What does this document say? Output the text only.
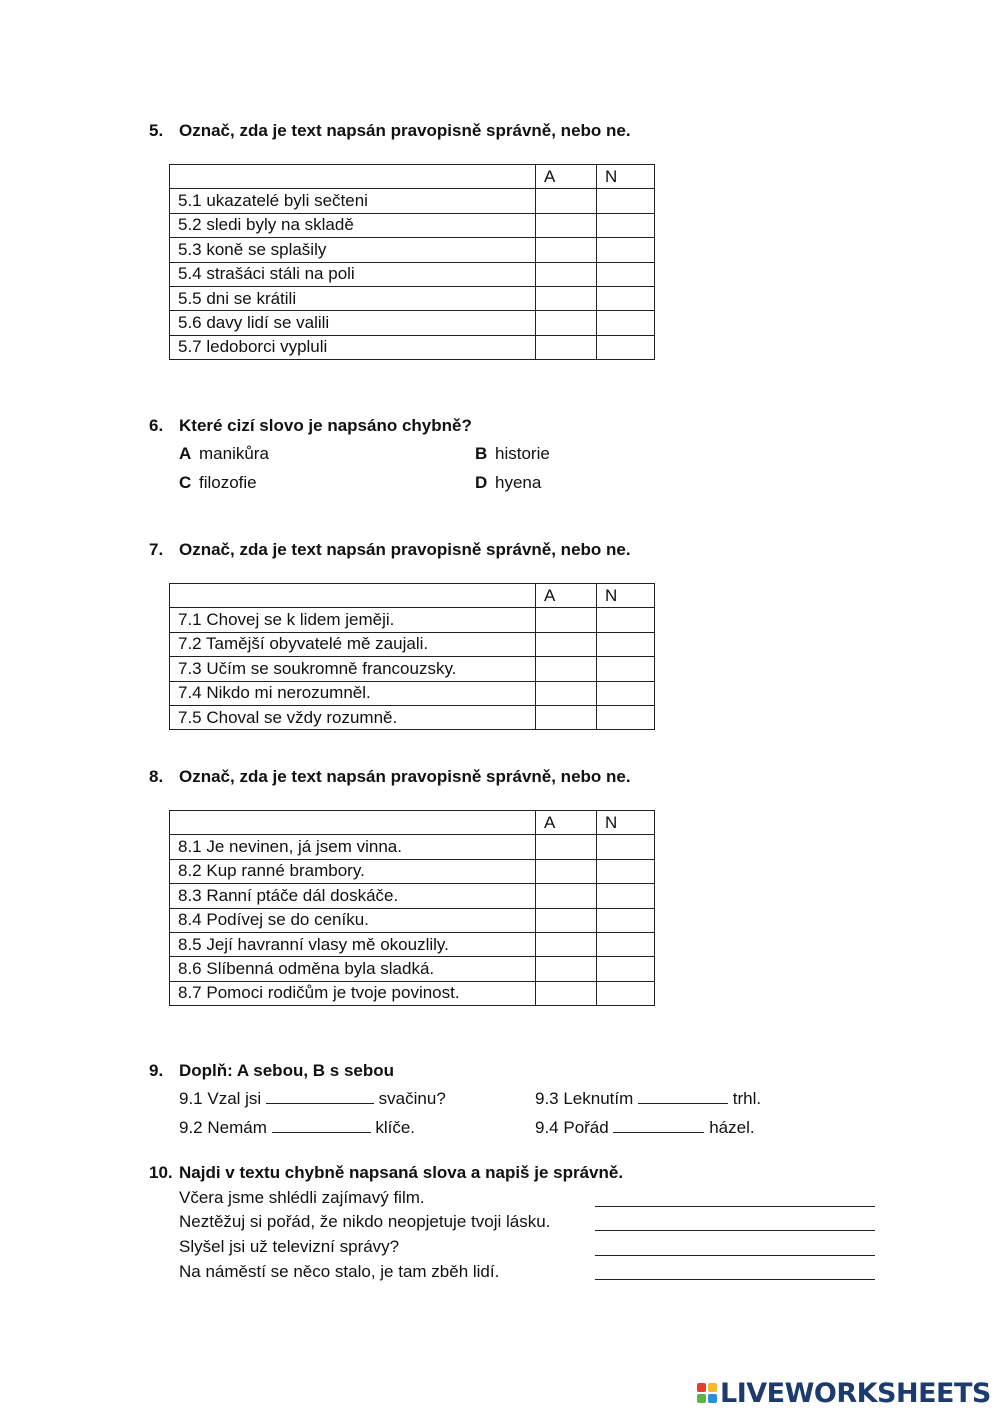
5. Označ, zda je text napsán pravopisně správně, nebo ne.
	A	N
5.1 ukazatelé byli sečteni		
5.2 sledi byly na skladě		
5.3 koně se splašily		
5.4 strašáci stáli na poli		
5.5 dni se krátili		
5.6 davy lidí se valili		
5.7 ledoborci vypluli		
6. Které cizí slovo je napsáno chybně?
A manikůra	B historie
C filozofie	D hyena
7. Označ, zda je text napsán pravopisně správně, nebo ne.
	A	N
7.1 Chovej se k lidem jeměji.		
7.2 Tamější obyvatelé mě zaujali.		
7.3 Učím se soukromně francouzsky.		
7.4 Nikdo mi nerozumněl.		
7.5 Choval se vždy rozumně.		
8. Označ, zda je text napsán pravopisně správně, nebo ne.
	A	N
8.1 Je nevinen, já jsem vinna.		
8.2 Kup ranné brambory.		
8.3 Ranní ptáče dál doskáče.		
8.4 Podívej se do ceníku.		
8.5 Její havranní vlasy mě okouzlily.		
8.6 Slíbenná odměna byla sladká.		
8.7 Pomoci rodičům je tvoje povinost.		
9. Doplň: A sebou, B s sebou
9.1 Vzal jsi	svačinu?	9.3 Leknutím	trhl.
9.2 Nemám	klíče.	9.4 Pořád	házel.
10. Najdi v textu chybně napsaná slova a napiš je správně.
Včera jsme shlédli zajímavý film.
Neztěžuj si pořád, že nikdo neopjetuje tvoji lásku.
Slyšel jsi už televizní správy?
Na náměstí se něco stalo, je tam zběh lidí.
LIVEWORKSHEETS
